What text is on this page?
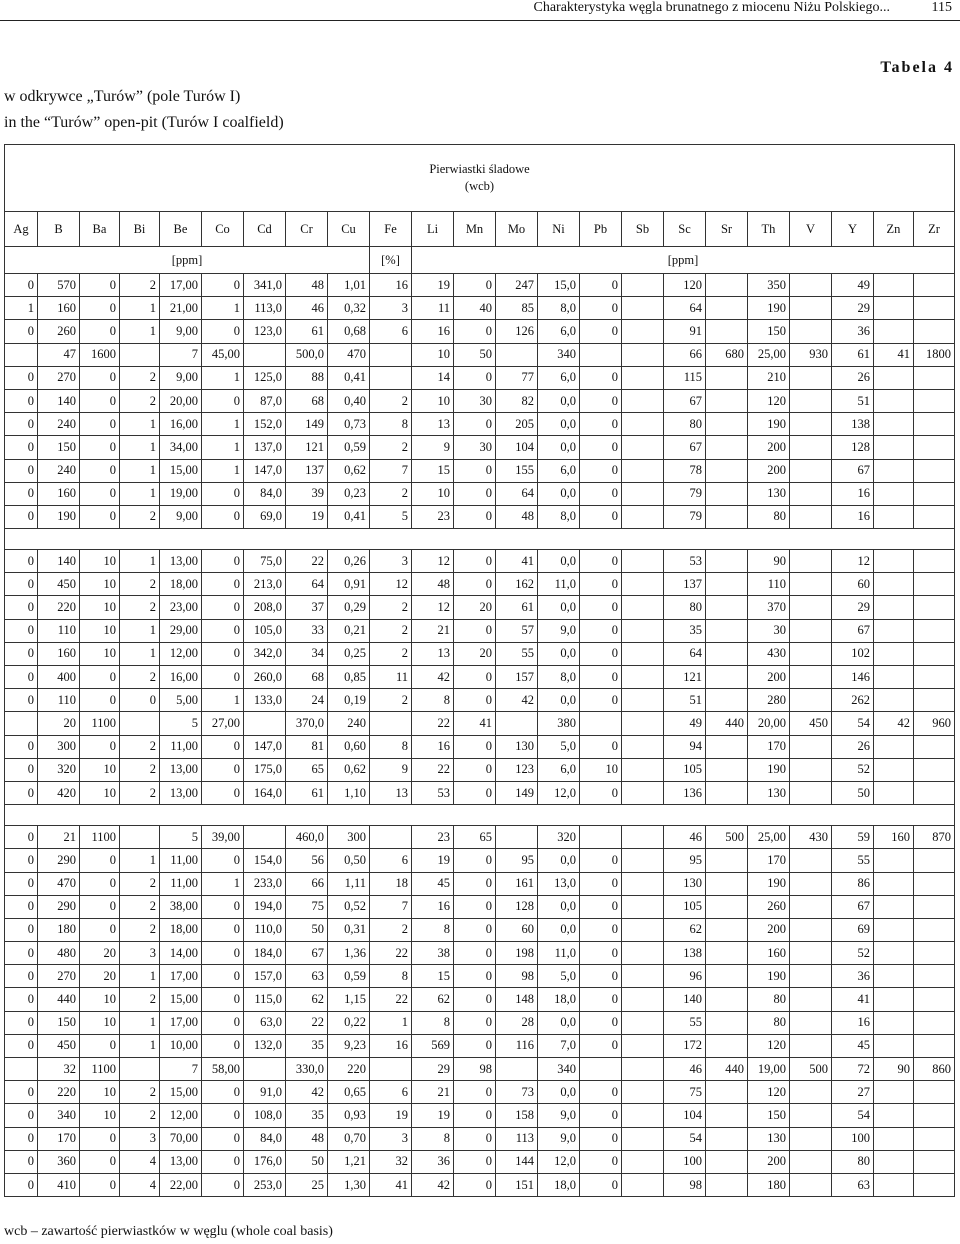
Charakterystyka węgla brunatnego z miocenu Niżu Polskiego...	115
Tabela 4
w odkrywce „Turów” (pole Turów I)
in the “Turów” open-pit (Turów I coalfield)
Pierwiastki śladowe
(wcb)																						

Ag	B	Ba	Bi	Be	Co	Cd	Cr	Cu	Fe	Li	Mn	Mo	Ni	Pb	Sb	Sc	Sr	Th	V	Y	Zn	Zr
[ppm]									[%]	[ppm]												
0	570	0	2	17,00	0	341,0	48	1,01	16	19	0	247	15,0	0		120		350		49		
1	160	0	1	21,00	1	113,0	46	0,32	3	11	40	85	8,0	0		64		190		29		
0	260	0	1	9,00	0	123,0	61	0,68	6	16	0	126	6,0	0		91		150		36		
	47	1600		7	45,00		500,0	470		10	50		340			66	680	25,00	930	61	41	1800
0	270	0	2	9,00	1	125,0	88	0,41		14	0	77	6,0	0		115		210		26		
0	140	0	2	20,00	0	87,0	68	0,40	2	10	30	82	0,0	0		67		120		51		
0	240	0	1	16,00	1	152,0	149	0,73	8	13	0	205	0,0	0		80		190		138		
0	150	0	1	34,00	1	137,0	121	0,59	2	9	30	104	0,0	0		67		200		128		
0	240	0	1	15,00	1	147,0	137	0,62	7	15	0	155	6,0	0		78		200		67		
0	160	0	1	19,00	0	84,0	39	0,23	2	10	0	64	0,0	0		79		130		16		
0	190	0	2	9,00	0	69,0	19	0,41	5	23	0	48	8,0	0		79		80		16		

0	140	10	1	13,00	0	75,0	22	0,26	3	12	0	41	0,0	0		53		90		12		
0	450	10	2	18,00	0	213,0	64	0,91	12	48	0	162	11,0	0		137		110		60		
0	220	10	2	23,00	0	208,0	37	0,29	2	12	20	61	0,0	0		80		370		29		
0	110	10	1	29,00	0	105,0	33	0,21	2	21	0	57	9,0	0		35		30		67		
0	160	10	1	12,00	0	342,0	34	0,25	2	13	20	55	0,0	0		64		430		102		
0	400	0	2	16,00	0	260,0	68	0,85	11	42	0	157	8,0	0		121		200		146		
0	110	0	0	5,00	1	133,0	24	0,19	2	8	0	42	0,0	0		51		280		262		
	20	1100		5	27,00		370,0	240		22	41		380			49	440	20,00	450	54	42	960
0	300	0	2	11,00	0	147,0	81	0,60	8	16	0	130	5,0	0		94		170		26		
0	320	10	2	13,00	0	175,0	65	0,62	9	22	0	123	6,0	10		105		190		52		
0	420	10	2	13,00	0	164,0	61	1,10	13	53	0	149	12,0	0		136		130		50		

0	21	1100		5	39,00		460,0	300		23	65		320			46	500	25,00	430	59	160	870
0	290	0	1	11,00	0	154,0	56	0,50	6	19	0	95	0,0	0		95		170		55		
0	470	0	2	11,00	1	233,0	66	1,11	18	45	0	161	13,0	0		130		190		86		
0	290	0	2	38,00	0	194,0	75	0,52	7	16	0	128	0,0	0		105		260		67		
0	180	0	2	18,00	0	110,0	50	0,31	2	8	0	60	0,0	0		62		200		69		
0	480	20	3	14,00	0	184,0	67	1,36	22	38	0	198	11,0	0		138		160		52		
0	270	20	1	17,00	0	157,0	63	0,59	8	15	0	98	5,0	0		96		190		36		
0	440	10	2	15,00	0	115,0	62	1,15	22	62	0	148	18,0	0		140		80		41		
0	150	10	1	17,00	0	63,0	22	0,22	1	8	0	28	0,0	0		55		80		16		
0	450	0	1	10,00	0	132,0	35	9,23	16	569	0	116	7,0	0		172		120		45		
	32	1100		7	58,00		330,0	220		29	98		340			46	440	19,00	500	72	90	860
0	220	10	2	15,00	0	91,0	42	0,65	6	21	0	73	0,0	0		75		120		27		
0	340	10	2	12,00	0	108,0	35	0,93	19	19	0	158	9,0	0		104		150		54		
0	170	0	3	70,00	0	84,0	48	0,70	3	8	0	113	9,0	0		54		130		100		
0	360	0	4	13,00	0	176,0	50	1,21	32	36	0	144	12,0	0		100		200		80		
0	410	0	4	22,00	0	253,0	25	1,30	41	42	0	151	18,0	0		98		180		63		
wcb – zawartość pierwiastków w węglu (whole coal basis)
